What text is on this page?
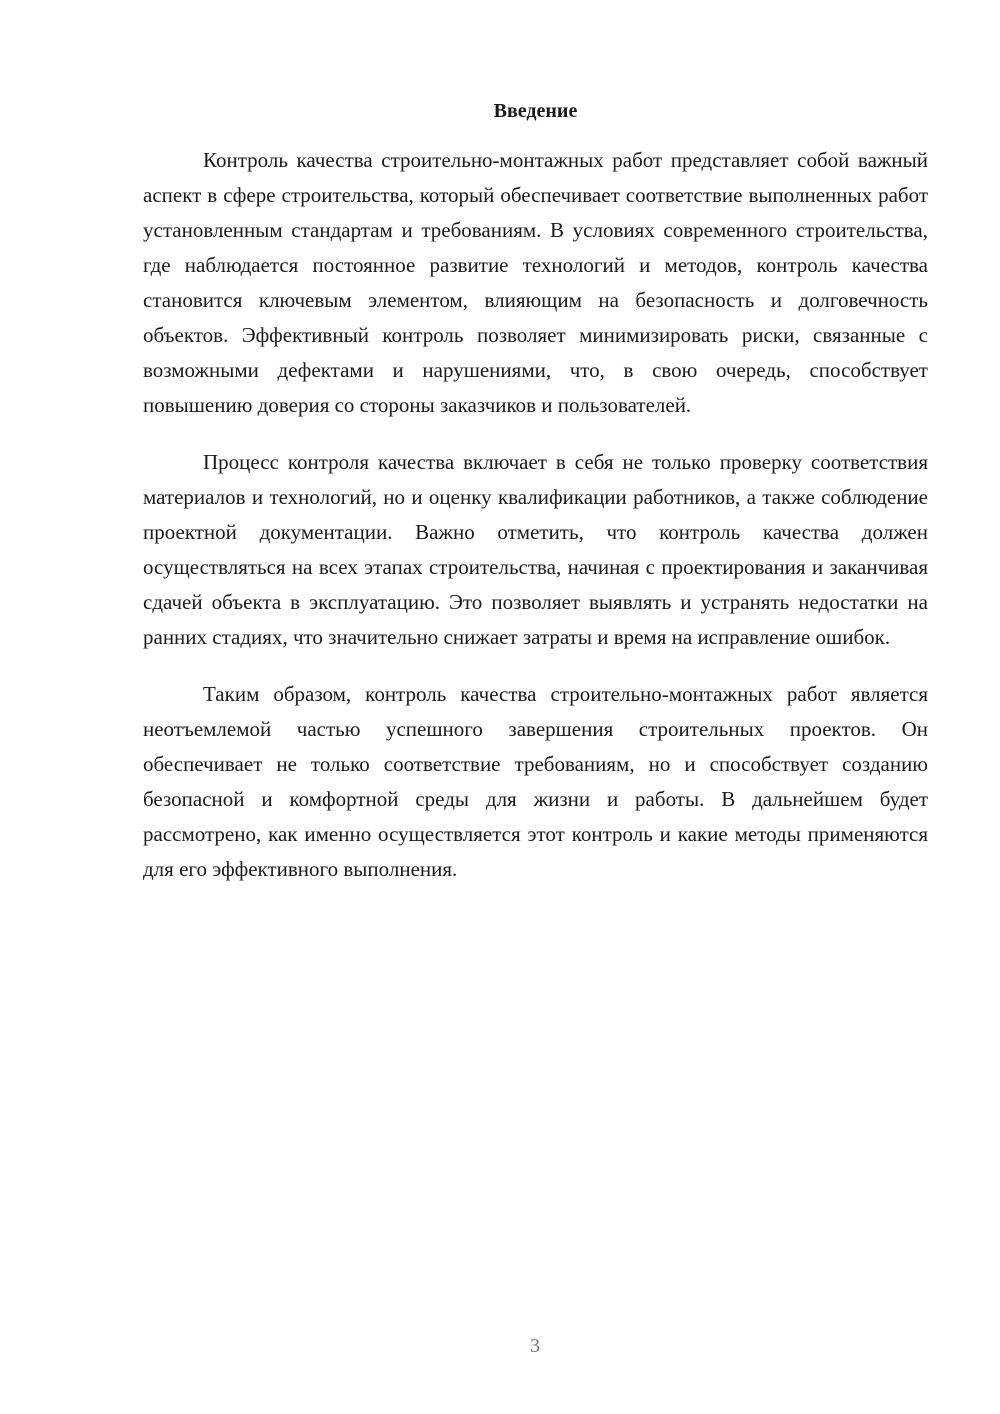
Введение

Контроль качества строительно-монтажных работ представляет собой важный аспект в сфере строительства, который обеспечивает соответствие выполненных работ установленным стандартам и требованиям. В условиях современного строительства, где наблюдается постоянное развитие технологий и методов, контроль качества становится ключевым элементом, влияющим на безопасность и долговечность объектов. Эффективный контроль позволяет минимизировать риски, связанные с возможными дефектами и нарушениями, что, в свою очередь, способствует повышению доверия со стороны заказчиков и пользователей.

Процесс контроля качества включает в себя не только проверку соответствия материалов и технологий, но и оценку квалификации работников, а также соблюдение проектной документации. Важно отметить, что контроль качества должен осуществляться на всех этапах строительства, начиная с проектирования и заканчивая сдачей объекта в эксплуатацию. Это позволяет выявлять и устранять недостатки на ранних стадиях, что значительно снижает затраты и время на исправление ошибок.

Таким образом, контроль качества строительно-монтажных работ является неотъемлемой частью успешного завершения строительных проектов. Он обеспечивает не только соответствие требованиям, но и способствует созданию безопасной и комфортной среды для жизни и работы. В дальнейшем будет рассмотрено, как именно осуществляется этот контроль и какие методы применяются для его эффективного выполнения.

3
